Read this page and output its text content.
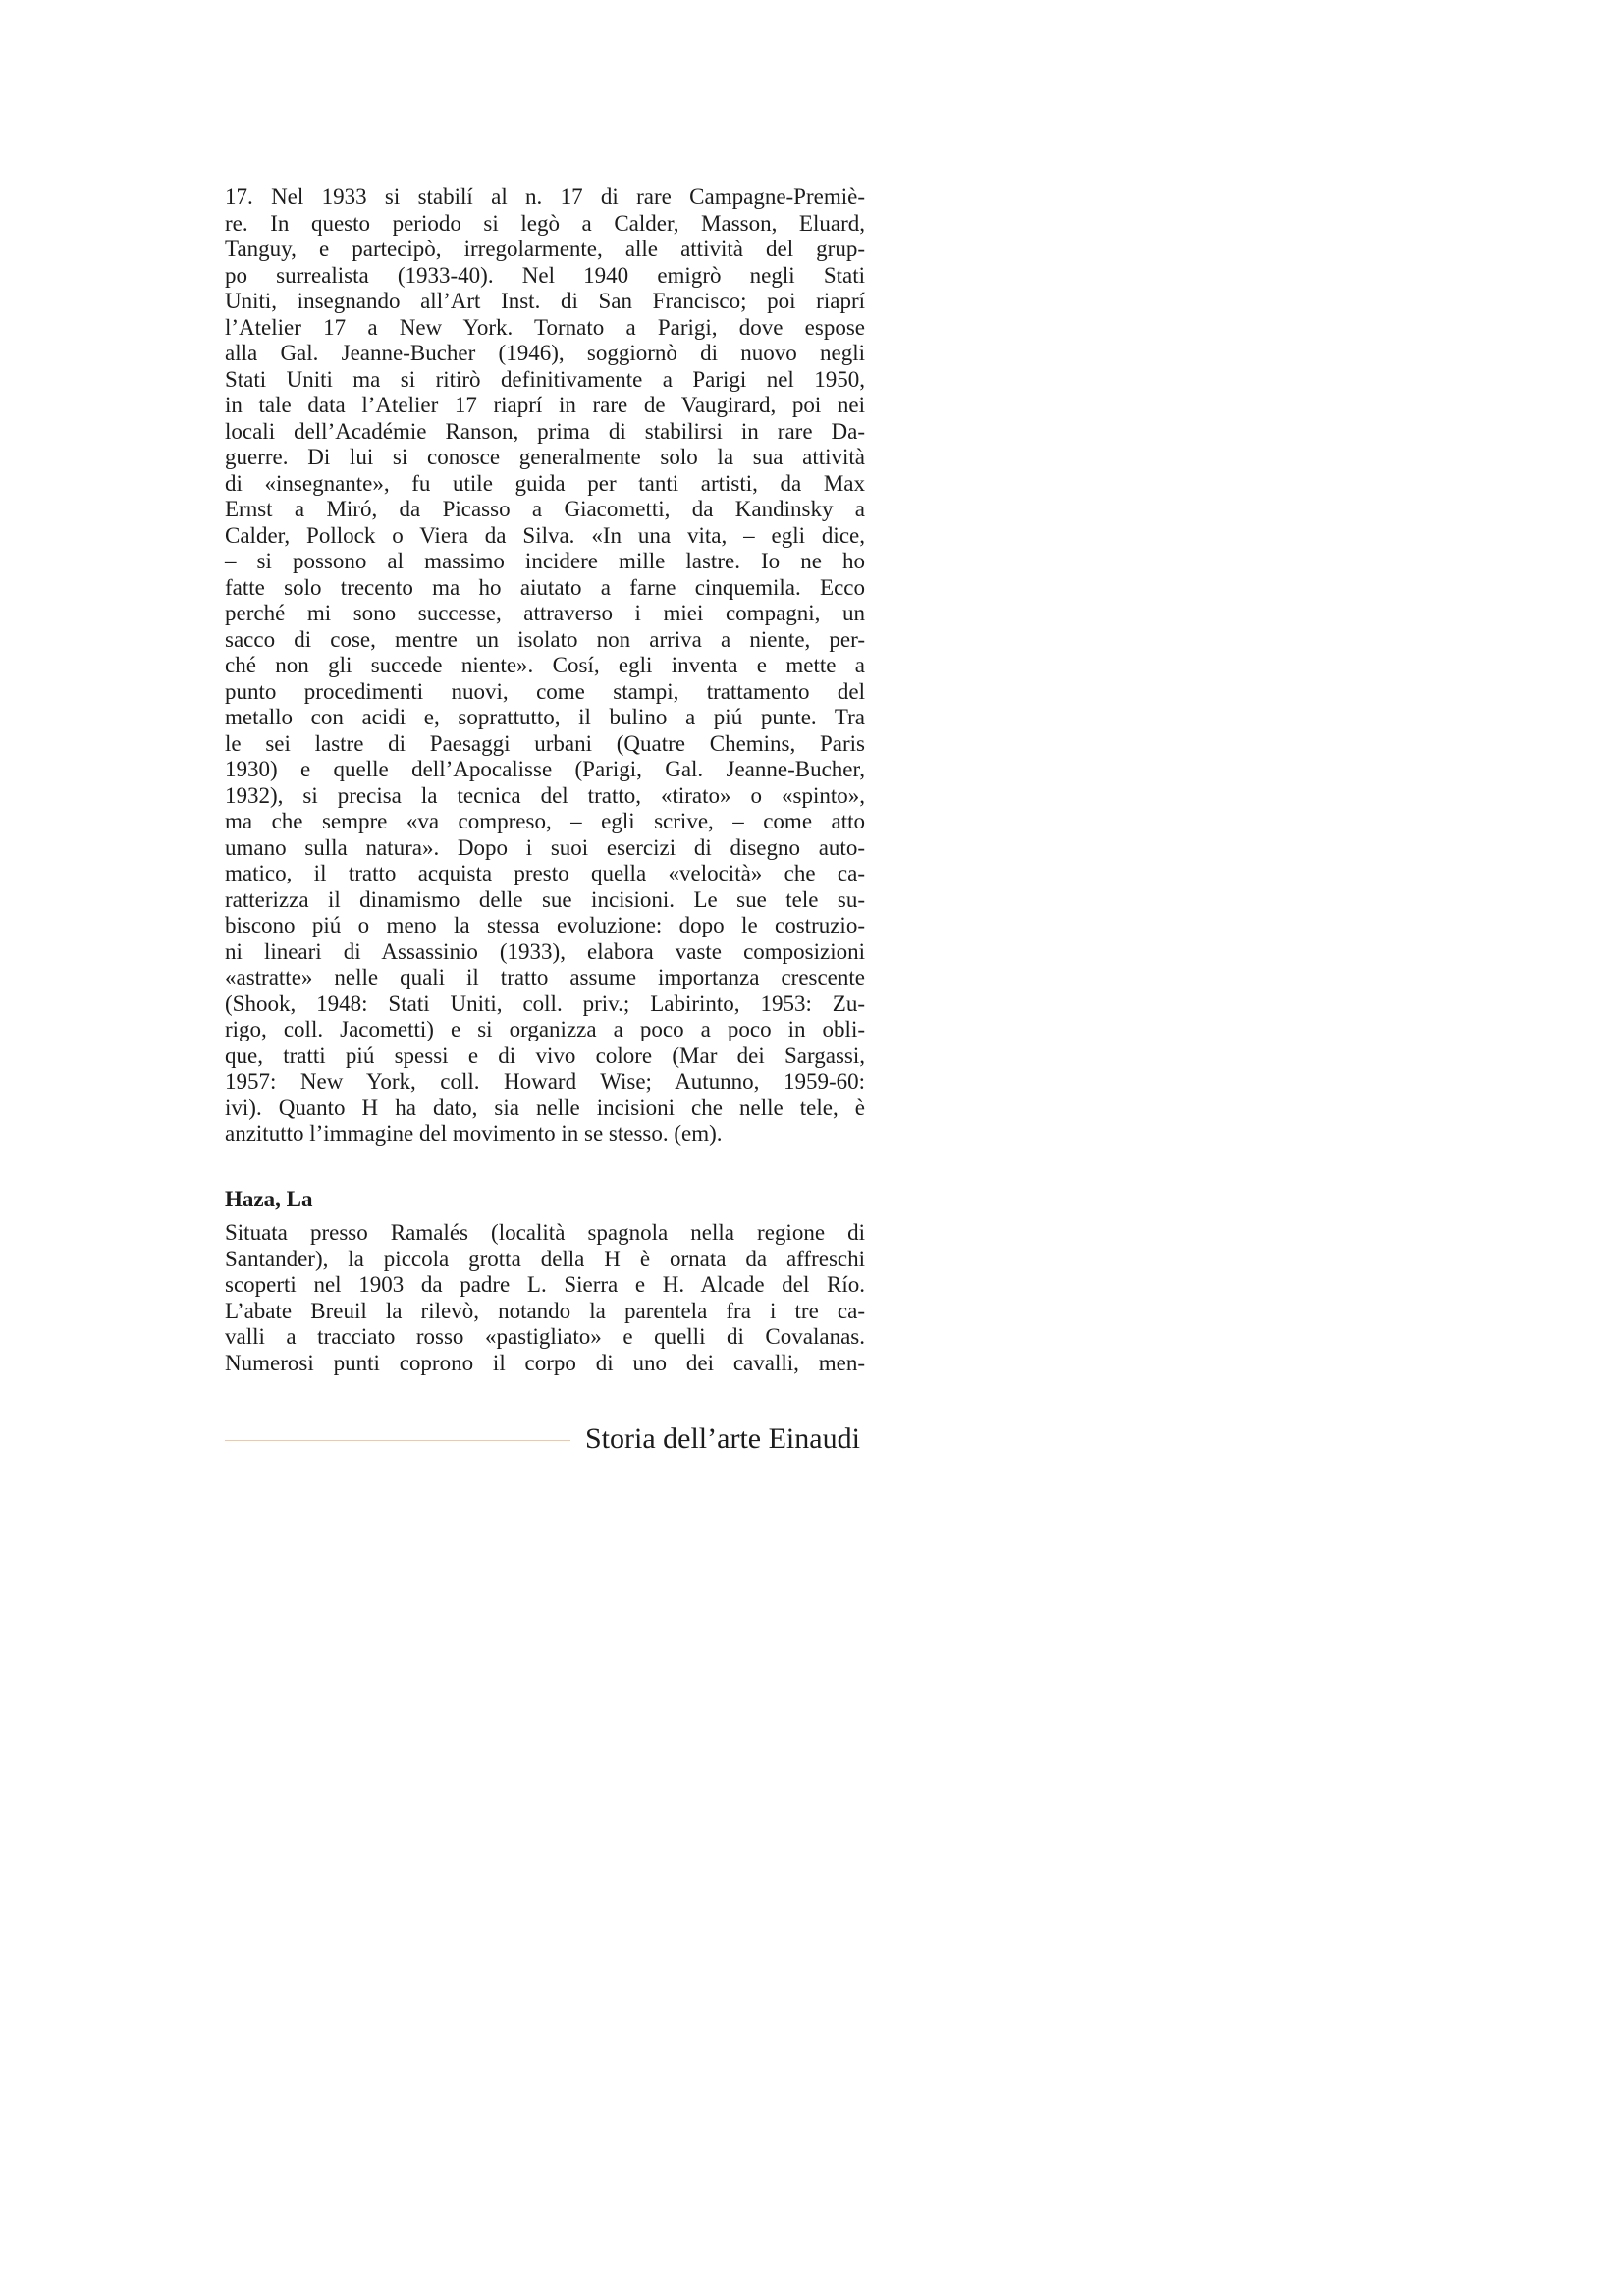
17. Nel 1933 si stabilí al n. 17 di rare Campagne-Premiè-
re. In questo periodo si legò a Calder, Masson, Eluard,
Tanguy, e partecipò, irregolarmente, alle attività del grup-
po surrealista (1933-40). Nel 1940 emigrò negli Stati
Uniti, insegnando all’Art Inst. di San Francisco; poi riaprí
l’Atelier 17 a New York. Tornato a Parigi, dove espose
alla Gal. Jeanne-Bucher (1946), soggiornò di nuovo negli
Stati Uniti ma si ritirò definitivamente a Parigi nel 1950,
in tale data l’Atelier 17 riaprí in rare de Vaugirard, poi nei
locali dell’Académie Ranson, prima di stabilirsi in rare Da-
guerre. Di lui si conosce generalmente solo la sua attività
di «insegnante», fu utile guida per tanti artisti, da Max
Ernst a Miró, da Picasso a Giacometti, da Kandinsky a
Calder, Pollock o Viera da Silva. «In una vita, – egli dice,
– si possono al massimo incidere mille lastre. Io ne ho
fatte solo trecento ma ho aiutato a farne cinquemila. Ecco
perché mi sono successe, attraverso i miei compagni, un
sacco di cose, mentre un isolato non arriva a niente, per-
ché non gli succede niente». Cosí, egli inventa e mette a
punto procedimenti nuovi, come stampi, trattamento del
metallo con acidi e, soprattutto, il bulino a piú punte. Tra
le sei lastre di Paesaggi urbani (Quatre Chemins, Paris
1930) e quelle dell’Apocalisse (Parigi, Gal. Jeanne-Bucher,
1932), si precisa la tecnica del tratto, «tirato» o «spinto»,
ma che sempre «va compreso, – egli scrive, – come atto
umano sulla natura». Dopo i suoi esercizi di disegno auto-
matico, il tratto acquista presto quella «velocità» che ca-
ratterizza il dinamismo delle sue incisioni. Le sue tele su-
biscono piú o meno la stessa evoluzione: dopo le costruzio-
ni lineari di Assassinio (1933), elabora vaste composizioni
«astratte» nelle quali il tratto assume importanza crescente
(Shook, 1948: Stati Uniti, coll. priv.; Labirinto, 1953: Zu-
rigo, coll. Jacometti) e si organizza a poco a poco in obli-
que, tratti piú spessi e di vivo colore (Mar dei Sargassi,
1957: New York, coll. Howard Wise; Autunno, 1959-60:
ivi). Quanto H ha dato, sia nelle incisioni che nelle tele, è
anzitutto l’immagine del movimento in se stesso. (em).
Haza, La
Situata presso Ramalés (località spagnola nella regione di
Santander), la piccola grotta della H è ornata da affreschi
scoperti nel 1903 da padre L. Sierra e H. Alcade del Río.
L’abate Breuil la rilevò, notando la parentela fra i tre ca-
valli a tracciato rosso «pastigliato» e quelli di Covalanas.
Numerosi punti coprono il corpo di uno dei cavalli, men-
Storia dell’arte Einaudi
